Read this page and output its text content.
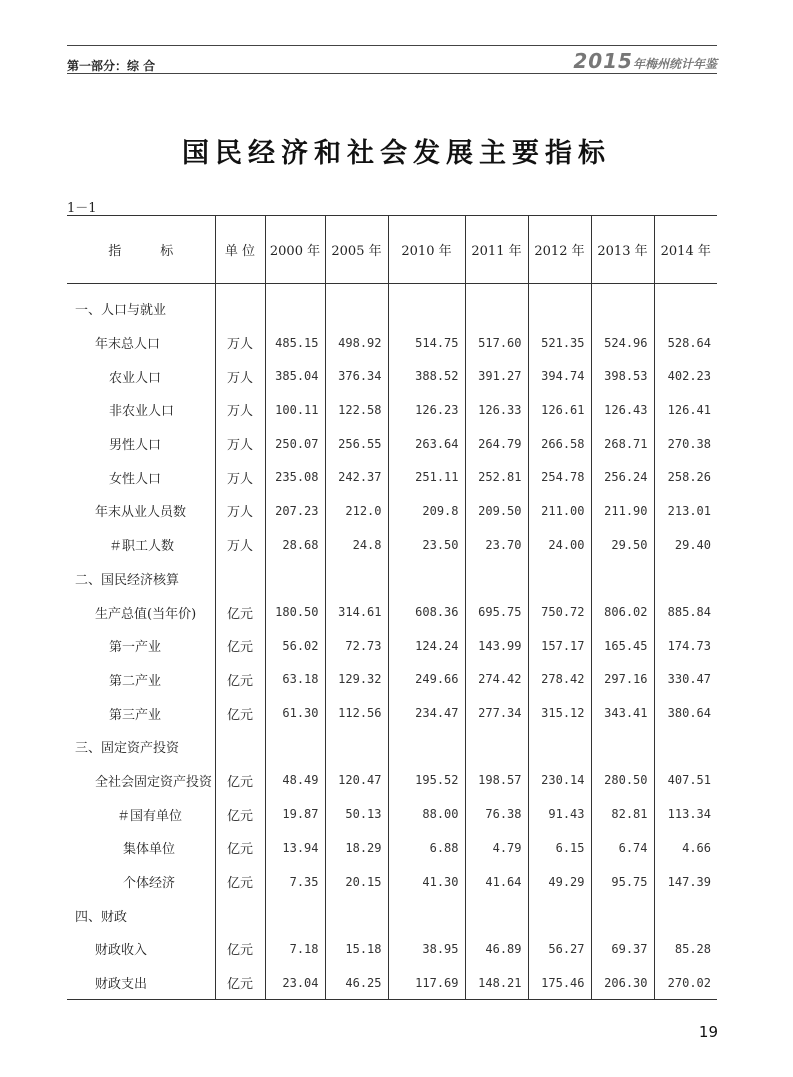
第一部分：综 合	2015年梅州统计年鉴
国民经济和社会发展主要指标
1－1
指　　　标	单 位	2000 年	2005 年	2010 年	2011 年	2012 年	2013 年	2014 年

一、人口与就业								
年末总人口	万人	485.15	498.92	514.75	517.60	521.35	524.96	528.64
农业人口	万人	385.04	376.34	388.52	391.27	394.74	398.53	402.23
非农业人口	万人	100.11	122.58	126.23	126.33	126.61	126.43	126.41
男性人口	万人	250.07	256.55	263.64	264.79	266.58	268.71	270.38
女性人口	万人	235.08	242.37	251.11	252.81	254.78	256.24	258.26
年末从业人员数	万人	207.23	212.0	209.8	209.50	211.00	211.90	213.01
＃职工人数	万人	28.68	24.8	23.50	23.70	24.00	29.50	29.40
二、国民经济核算								
生产总值(当年价)	亿元	180.50	314.61	608.36	695.75	750.72	806.02	885.84
第一产业	亿元	56.02	72.73	124.24	143.99	157.17	165.45	174.73
第二产业	亿元	63.18	129.32	249.66	274.42	278.42	297.16	330.47
第三产业	亿元	61.30	112.56	234.47	277.34	315.12	343.41	380.64
三、固定资产投资								
全社会固定资产投资	亿元	48.49	120.47	195.52	198.57	230.14	280.50	407.51
＃国有单位	亿元	19.87	50.13	88.00	76.38	91.43	82.81	113.34
集体单位	亿元	13.94	18.29	6.88	4.79	6.15	6.74	4.66
个体经济	亿元	7.35	20.15	41.30	41.64	49.29	95.75	147.39
四、财政								
财政收入	亿元	7.18	15.18	38.95	46.89	56.27	69.37	85.28
财政支出	亿元	23.04	46.25	117.69	148.21	175.46	206.30	270.02
19
